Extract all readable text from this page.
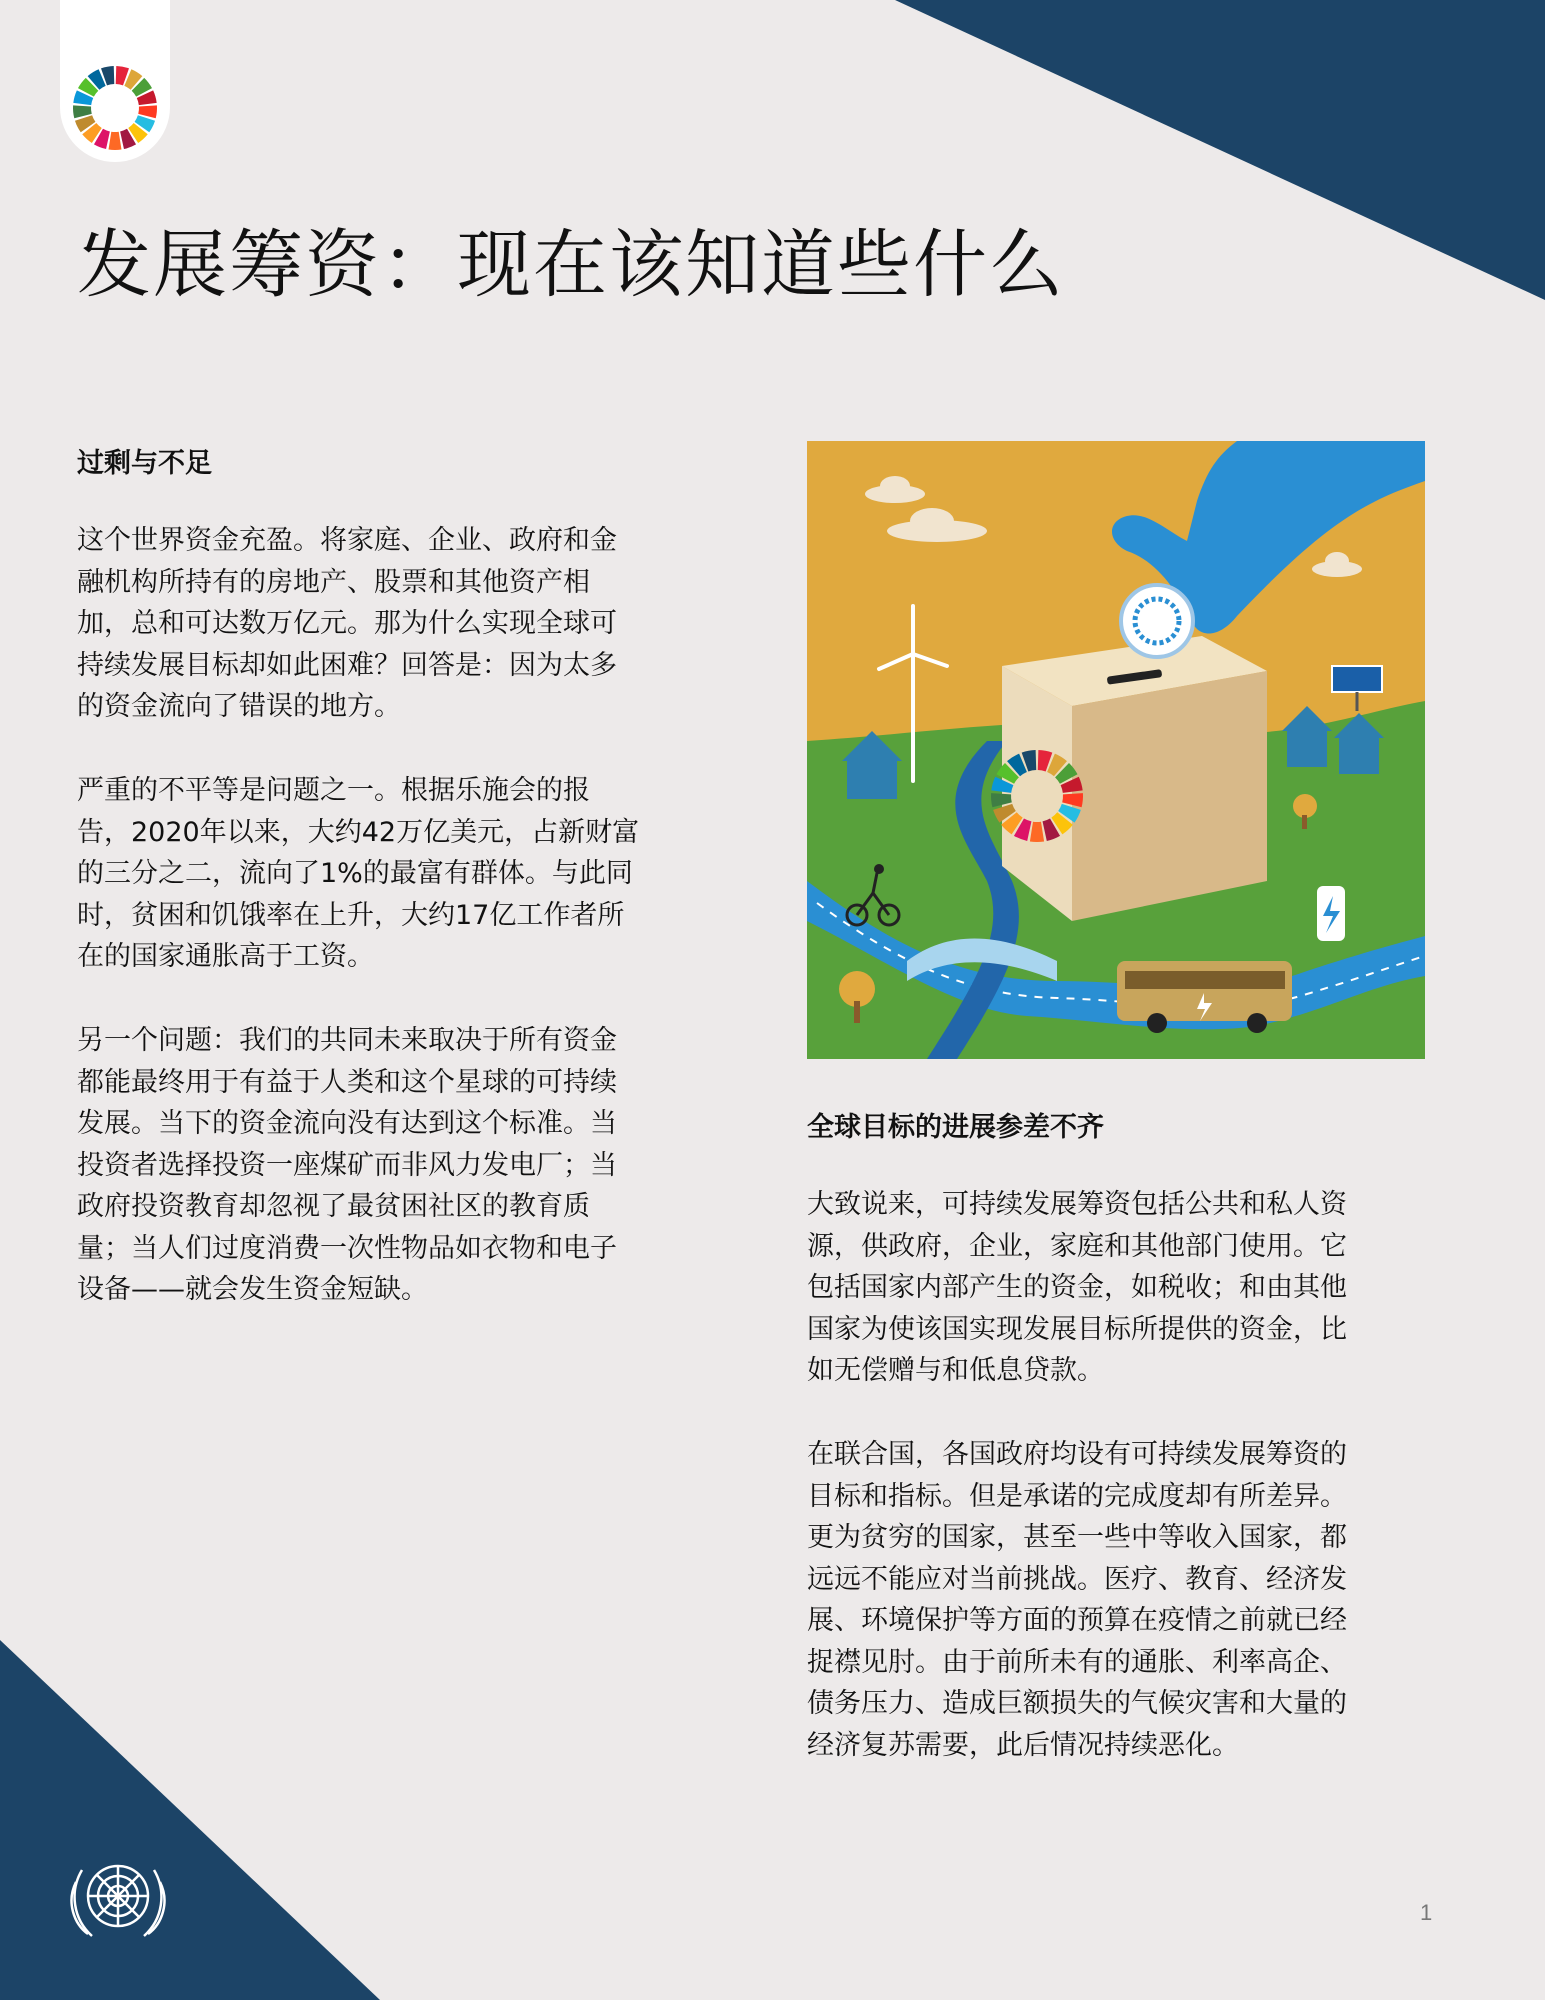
发展筹资：现在该知道些什么
过剩与不足

这个世界资金充盈。将家庭、企业、政府和金
融机构所持有的房地产、股票和其他资产相
加，总和可达数万亿元。那为什么实现全球可
持续发展目标却如此困难？回答是：因为太多
的资金流向了错误的地方。

严重的不平等是问题之一。根据乐施会的报
告，2020年以来，大约42万亿美元，占新财富
的三分之二，流向了1%的最富有群体。与此同
时，贫困和饥饿率在上升，大约17亿工作者所
在的国家通胀高于工资。

另一个问题：我们的共同未来取决于所有资金
都能最终用于有益于人类和这个星球的可持续
发展。当下的资金流向没有达到这个标准。当
投资者选择投资一座煤矿而非风力发电厂；当
政府投资教育却忽视了最贫困社区的教育质
量；当人们过度消费一次性物品如衣物和电子
设备——就会发生资金短缺。

全球目标的进展参差不齐

大致说来，可持续发展筹资包括公共和私人资
源，供政府，企业，家庭和其他部门使用。它
包括国家内部产生的资金，如税收；和由其他
国家为使该国实现发展目标所提供的资金，比
如无偿赠与和低息贷款。

在联合国，各国政府均设有可持续发展筹资的
目标和指标。但是承诺的完成度却有所差异。
更为贫穷的国家，甚至一些中等收入国家，都
远远不能应对当前挑战。医疗、教育、经济发
展、环境保护等方面的预算在疫情之前就已经
捉襟见肘。由于前所未有的通胀、利率高企、
债务压力、造成巨额损失的气候灾害和大量的
经济复苏需要，此后情况持续恶化。

1
